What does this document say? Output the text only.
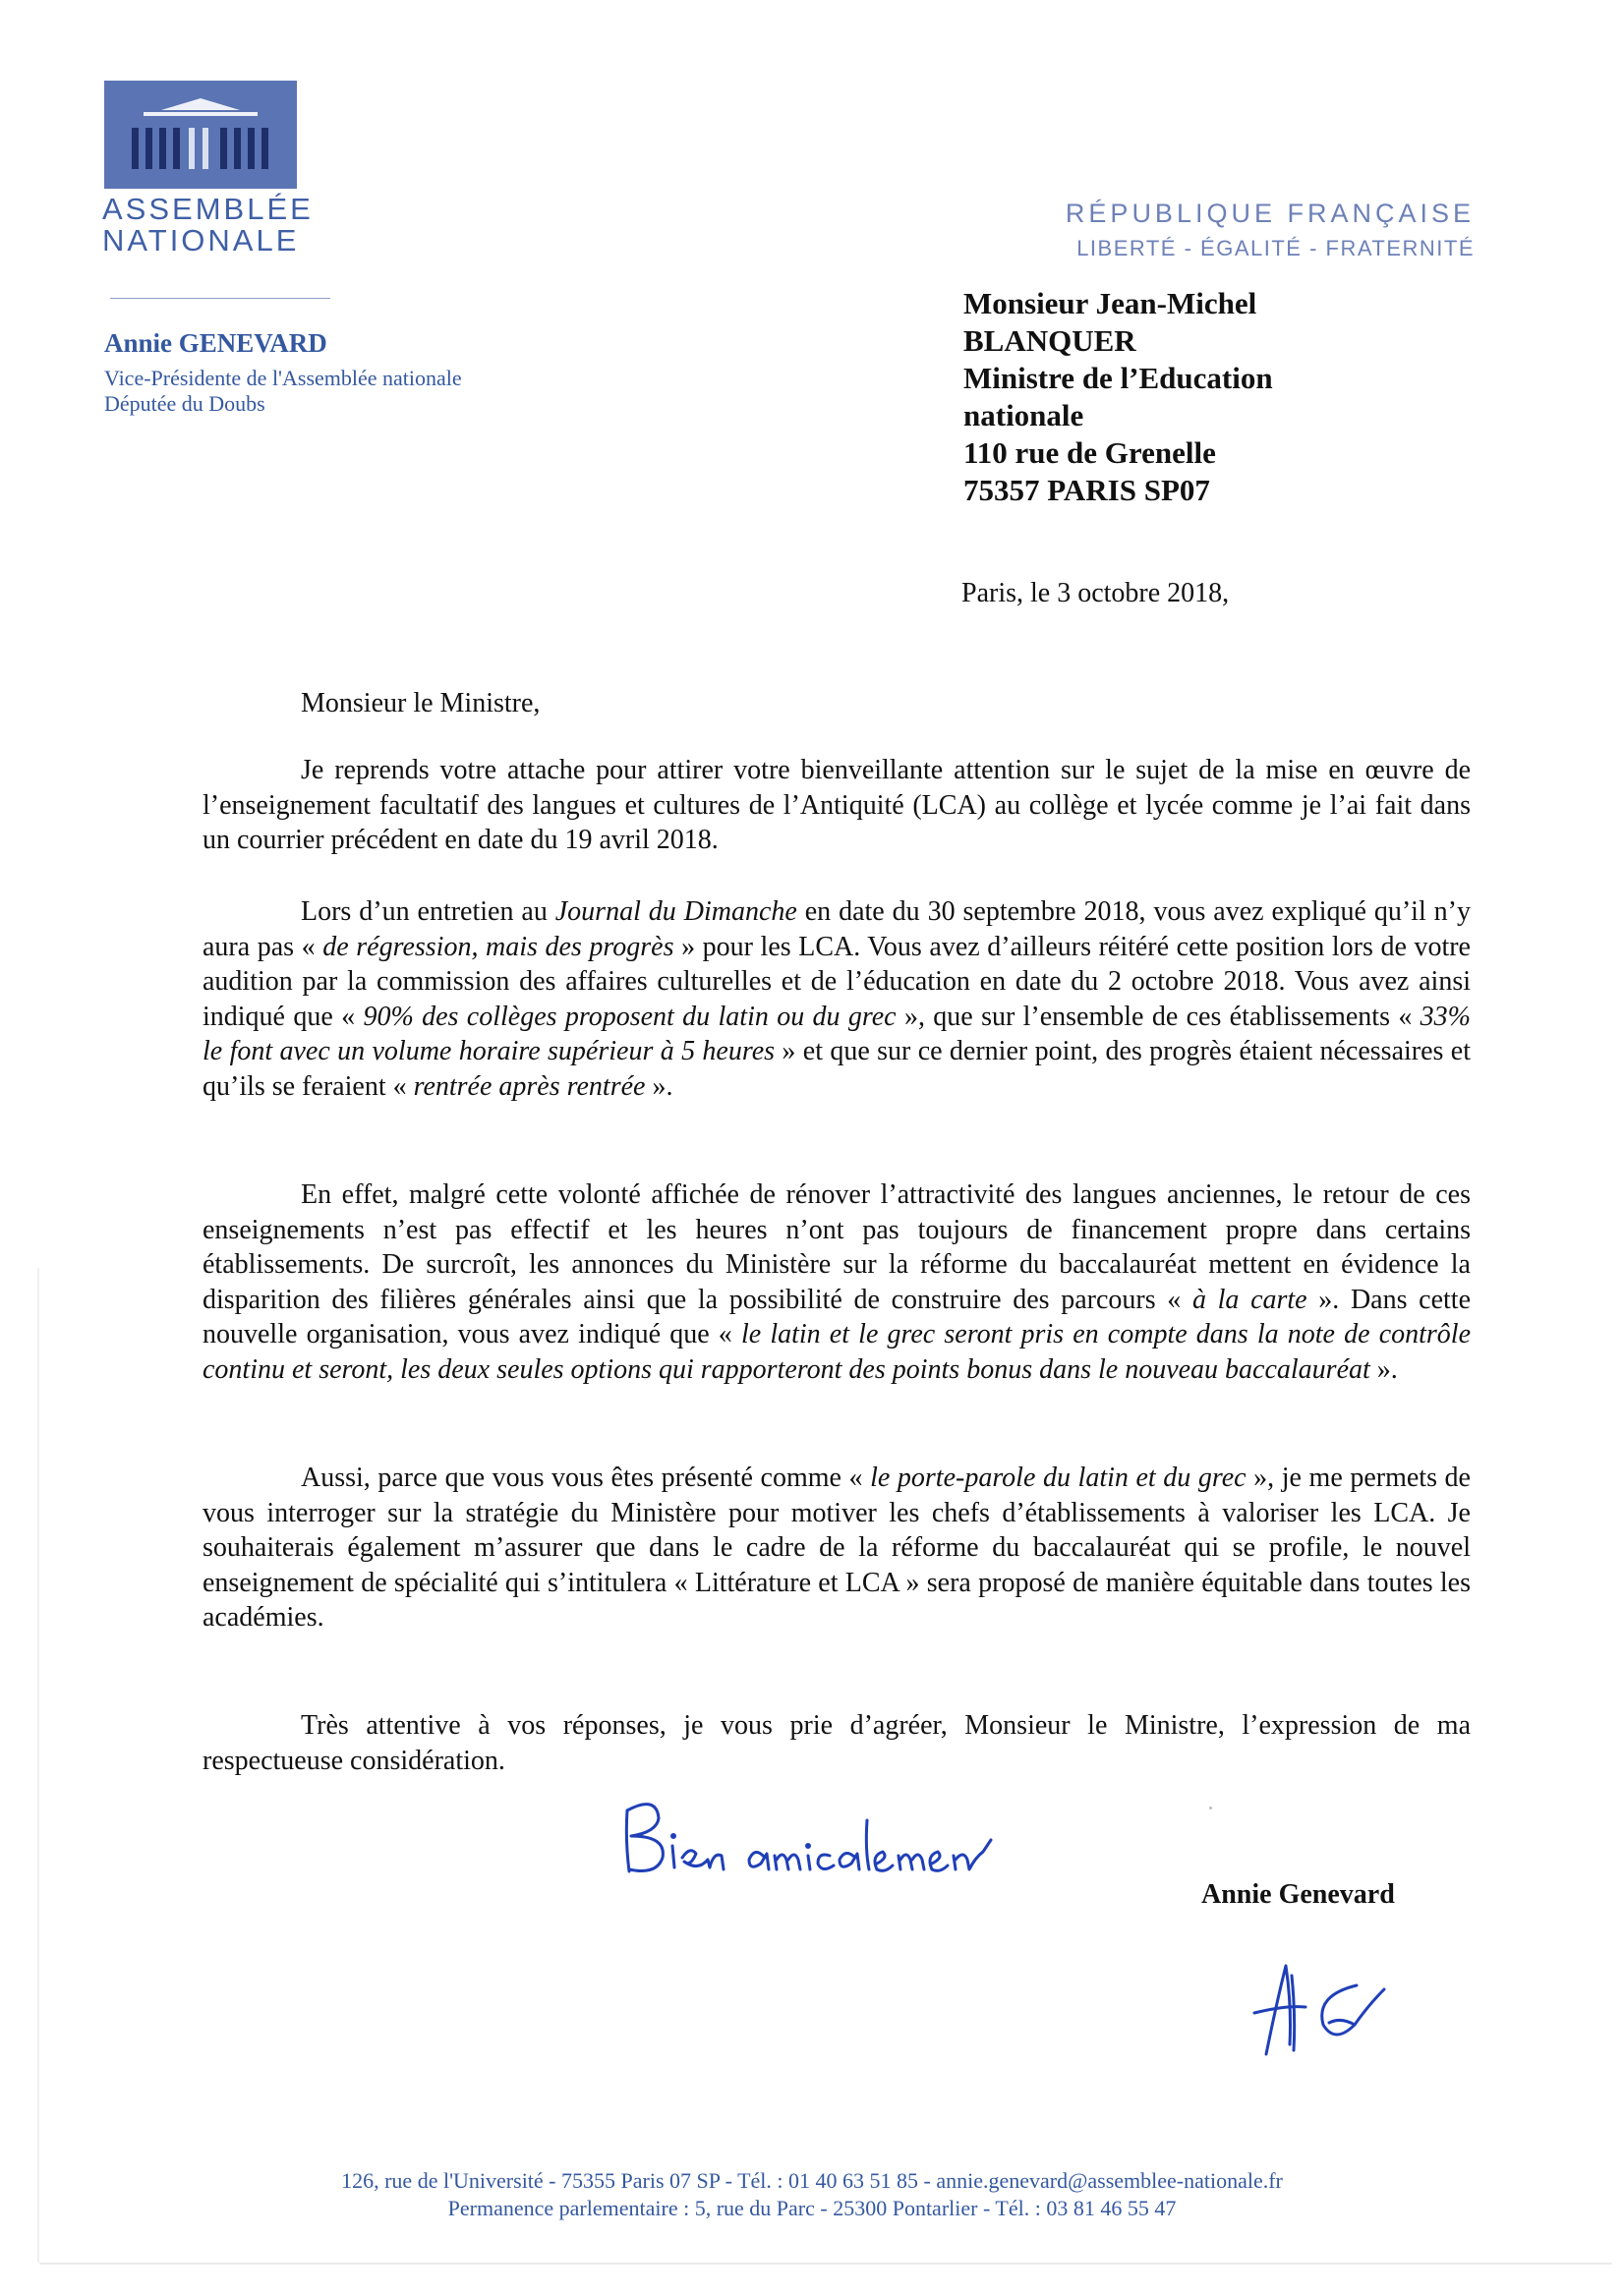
ASSEMBLÉE
NATIONALE
RÉPUBLIQUE FRANÇAISE
LIBERTÉ - ÉGALITÉ - FRATERNITÉ
Annie GENEVARD
Vice-Présidente de l'Assemblée nationale
Députée du Doubs
Monsieur Jean-Michel
BLANQUER
Ministre de l’Education
nationale
110 rue de Grenelle
75357 PARIS SP07
Paris, le 3 octobre 2018,
Monsieur le Ministre,

Je reprends votre attache pour attirer votre bienveillante attention sur le sujet de la mise en œuvre de l’enseignement facultatif des langues et cultures de l’Antiquité (LCA) au collège et lycée comme je l’ai fait dans un courrier précédent en date du 19 avril 2018.

Lors d’un entretien au Journal du Dimanche en date du 30 septembre 2018, vous avez expliqué qu’il n’y aura pas « de régression, mais des progrès » pour les LCA. Vous avez d’ailleurs réitéré cette position lors de votre audition par la commission des affaires culturelles et de l’éducation en date du 2 octobre 2018. Vous avez ainsi indiqué que « 90% des collèges proposent du latin ou du grec », que sur l’ensemble de ces établissements « 33% le font avec un volume horaire supérieur à 5 heures » et que sur ce dernier point, des progrès étaient nécessaires et qu’ils se feraient « rentrée après rentrée ».

En effet, malgré cette volonté affichée de rénover l’attractivité des langues anciennes, le retour de ces enseignements n’est pas effectif et les heures n’ont pas toujours de financement propre dans certains établissements. De surcroît, les annonces du Ministère sur la réforme du baccalauréat mettent en évidence la disparition des filières générales ainsi que la possibilité de construire des parcours « à la carte ». Dans cette nouvelle organisation, vous avez indiqué que « le latin et le grec seront pris en compte dans la note de contrôle continu et seront, les deux seules options qui rapporteront des points bonus dans le nouveau baccalauréat ».

Aussi, parce que vous vous êtes présenté comme « le porte-parole du latin et du grec », je me permets de vous interroger sur la stratégie du Ministère pour motiver les chefs d’établissements à valoriser les LCA. Je souhaiterais également m’assurer que dans le cadre de la réforme du baccalauréat qui se profile, le nouvel enseignement de spécialité qui s’intitulera « Littérature et LCA » sera proposé de manière équitable dans toutes les académies.

Très attentive à vos réponses, je vous prie d’agréer, Monsieur le Ministre, l’expression de ma respectueuse considération.

Annie Genevard
126, rue de l'Université - 75355 Paris 07 SP - Tél. : 01 40 63 51 85 - annie.genevard@assemblee-nationale.fr
Permanence parlementaire : 5, rue du Parc - 25300 Pontarlier - Tél. : 03 81 46 55 47
